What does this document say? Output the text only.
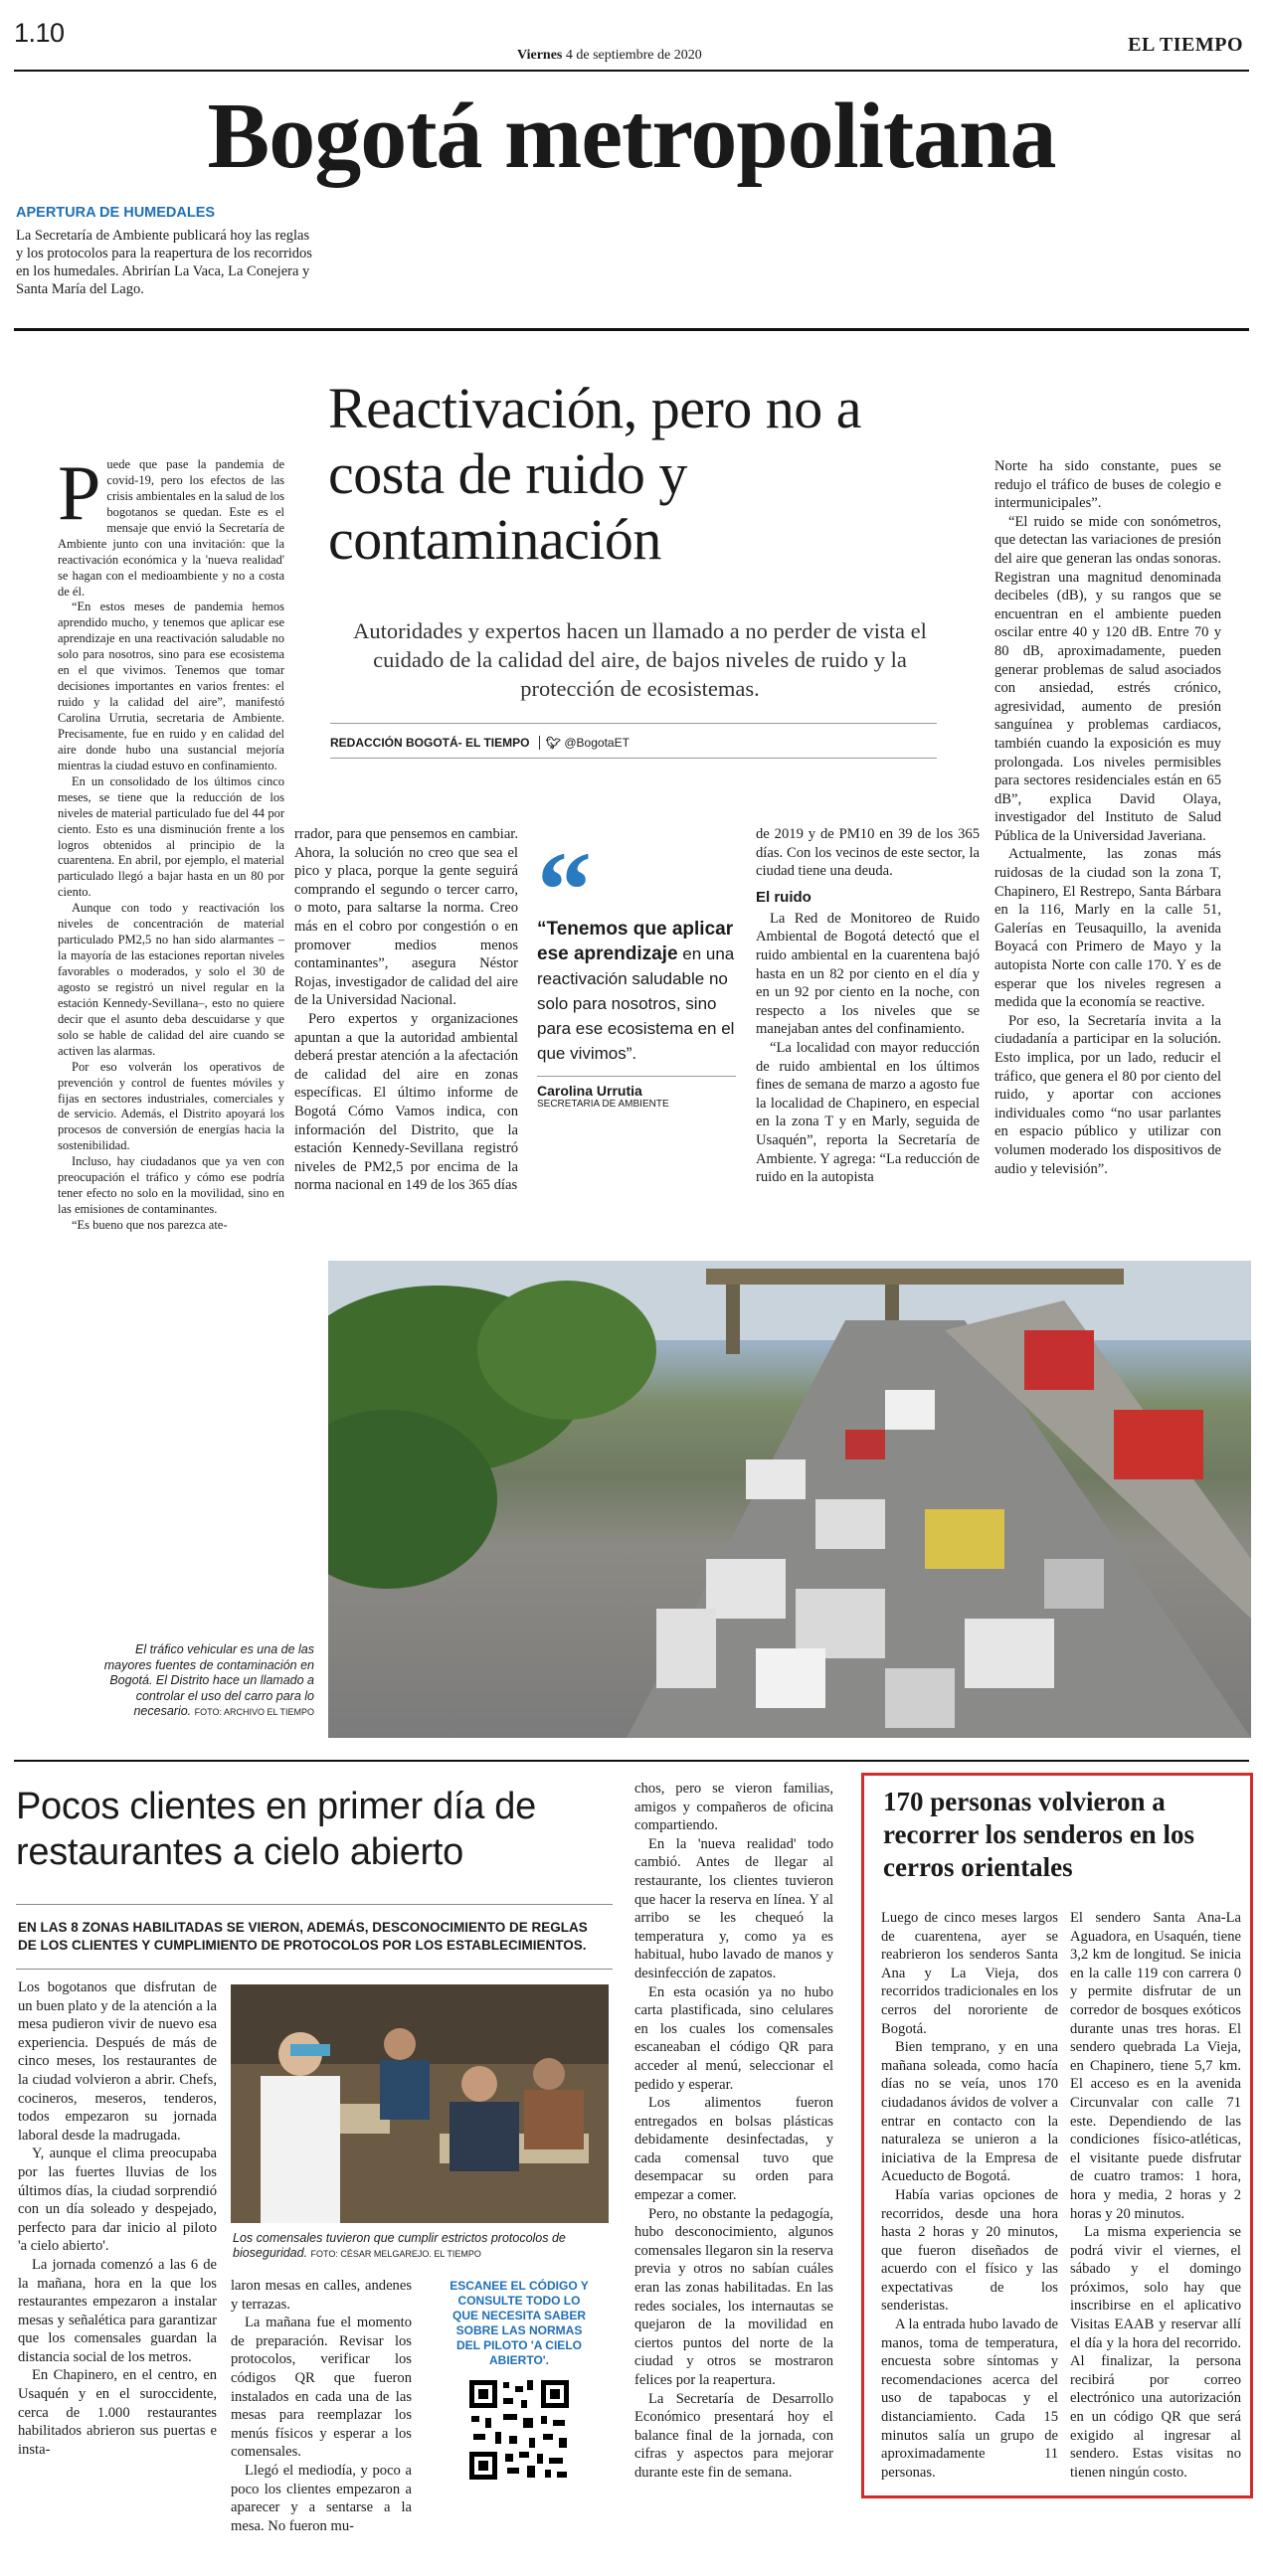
1.10
Viernes 4 de septiembre de 2020	EL TIEMPO
Bogotá metropolitana
APERTURA DE HUMEDALES
La Secretaría de Ambiente publicará hoy las reglas y los protocolos para la reapertura de los recorridos en los humedales. Abrirían La Vaca, La Conejera y Santa María del Lago.
Reactivación, pero no a costa de ruido y contaminación
Autoridades y expertos hacen un llamado a no perder de vista el cuidado de la calidad del aire, de bajos niveles de ruido y la protección de ecosistemas.
REDACCIÓN BOGOTÁ- EL TIEMPO 🐦︎ @BogotaET

Puede que pase la pandemia de covid-19, pero los efectos de las crisis ambientales en la salud de los bogotanos se quedan. Este es el mensaje que envió la Secretaría de Ambiente junto con una invitación: que la reactivación económica y la 'nueva realidad' se hagan con el medioambiente y no a costa de él.

“En estos meses de pandemia hemos aprendido mucho, y tenemos que aplicar ese aprendizaje en una reactivación saludable no solo para nosotros, sino para ese ecosistema en el que vivimos. Tenemos que tomar decisiones importantes en varios frentes: el ruido y la calidad del aire”, manifestó Carolina Urrutia, secretaria de Ambiente. Precisamente, fue en ruido y en calidad del aire donde hubo una sustancial mejoría mientras la ciudad estuvo en confinamiento.

En un consolidado de los últimos cinco meses, se tiene que la reducción de los niveles de material particulado fue del 44 por ciento. Esto es una disminución frente a los logros obtenidos al principio de la cuarentena. En abril, por ejemplo, el material particulado llegó a bajar hasta en un 80 por ciento.

Aunque con todo y reactivación los niveles de concentración de material particulado PM2,5 no han sido alarmantes –la mayoría de las estaciones reportan niveles favorables o moderados, y solo el 30 de agosto se registró un nivel regular en la estación Kennedy-Sevillana–, esto no quiere decir que el asunto deba descuidarse y que solo se hable de calidad del aire cuando se activen las alarmas.

Por eso volverán los operativos de prevención y control de fuentes móviles y fijas en sectores industriales, comerciales y de servicio. Además, el Distrito apoyará los procesos de conversión de energías hacia la sostenibilidad.

Incluso, hay ciudadanos que ya ven con preocupación el tráfico y cómo ese podría tener efecto no solo en la movilidad, sino en las emisiones de contaminantes.

“Es bueno que nos parezca ate-

rrador, para que pensemos en cambiar. Ahora, la solución no creo que sea el pico y placa, porque la gente seguirá comprando el segundo o tercer carro, o moto, para saltarse la norma. Creo más en el cobro por congestión o en promover medios menos contaminantes”, asegura Néstor Rojas, investigador de calidad del aire de la Universidad Nacional.

Pero expertos y organizaciones apuntan a que la autoridad ambiental deberá prestar atención a la afectación de calidad del aire en zonas específicas. El último informe de Bogotá Cómo Vamos indica, con información del Distrito, que la estación Kennedy-Sevillana registró niveles de PM2,5 por encima de la norma nacional en 149 de los 365 días

“
“Tenemos que aplicar ese aprendizaje en una reactivación saludable no solo para nosotros, sino para ese ecosistema en el que vivimos”.
Carolina Urrutia
SECRETARIA DE AMBIENTE

de 2019 y de PM10 en 39 de los 365 días. Con los vecinos de este sector, la ciudad tiene una deuda.

El ruido

La Red de Monitoreo de Ruido Ambiental de Bogotá detectó que el ruido ambiental en la cuarentena bajó hasta en un 82 por ciento en el día y en un 92 por ciento en la noche, con respecto a los niveles que se manejaban antes del confinamiento.

“La localidad con mayor reducción de ruido ambiental en los últimos fines de semana de marzo a agosto fue la localidad de Chapinero, en especial en la zona T y en Marly, seguida de Usaquén”, reporta la Secretaría de Ambiente. Y agrega: “La reducción de ruido en la autopista

Norte ha sido constante, pues se redujo el tráfico de buses de colegio e intermunicipales”.

“El ruido se mide con sonómetros, que detectan las variaciones de presión del aire que generan las ondas sonoras. Registran una magnitud denominada decibeles (dB), y su rangos que se encuentran en el ambiente pueden oscilar entre 40 y 120 dB. Entre 70 y 80 dB, aproximadamente, pueden generar problemas de salud asociados con ansiedad, estrés crónico, agresividad, aumento de presión sanguínea y problemas cardiacos, también cuando la exposición es muy prolongada. Los niveles permisibles para sectores residenciales están en 65 dB”, explica David Olaya, investigador del Instituto de Salud Pública de la Universidad Javeriana.

Actualmente, las zonas más ruidosas de la ciudad son la zona T, Chapinero, El Restrepo, Santa Bárbara en la 116, Marly en la calle 51, Galerías en Teusaquillo, la avenida Boyacá con Primero de Mayo y la autopista Norte con calle 170. Y es de esperar que los niveles regresen a medida que la economía se reactive.

Por eso, la Secretaría invita a la ciudadanía a participar en la solución. Esto implica, por un lado, reducir el tráfico, que genera el 80 por ciento del ruido, y aportar con acciones individuales como “no usar parlantes en espacio público y utilizar con volumen moderado los dispositivos de audio y televisión”.

El tráfico vehicular es una de las mayores fuentes de contaminación en Bogotá. El Distrito hace un llamado a controlar el uso del carro para lo necesario. FOTO: ARCHIVO EL TIEMPO
Pocos clientes en primer día de restaurantes a cielo abierto
EN LAS 8 ZONAS HABILITADAS SE VIERON, ADEMÁS, DESCONOCIMIENTO DE REGLAS DE LOS CLIENTES Y CUMPLIMIENTO DE PROTOCOLOS POR LOS ESTABLECIMIENTOS.

Los bogotanos que disfrutan de un buen plato y de la atención a la mesa pudieron vivir de nuevo esa experiencia. Después de más de cinco meses, los restaurantes de la ciudad volvieron a abrir. Chefs, cocineros, meseros, tenderos, todos empezaron su jornada laboral desde la madrugada.

Y, aunque el clima preocupaba por las fuertes lluvias de los últimos días, la ciudad sorprendió con un día soleado y despejado, perfecto para dar inicio al piloto 'a cielo abierto'.

La jornada comenzó a las 6 de la mañana, hora en la que los restaurantes empezaron a instalar mesas y señalética para garantizar que los comensales guardan la distancia social de los metros.

En Chapinero, en el centro, en Usaquén y en el suroccidente, cerca de 1.000 restaurantes habilitados abrieron sus puertas e insta-

Los comensales tuvieron que cumplir estrictos protocolos de bioseguridad. FOTO: CÉSAR MELGAREJO. EL TIEMPO

laron mesas en calles, andenes y terrazas.

La mañana fue el momento de preparación. Revisar los protocolos, verificar los códigos QR que fueron instalados en cada una de las mesas para reemplazar los menús físicos y esperar a los comensales.

Llegó el mediodía, y poco a poco los clientes empezaron a aparecer y a sentarse a la mesa. No fueron mu-

ESCANEE EL CÓDIGO Y CONSULTE TODO LO QUE NECESITA SABER SOBRE LAS NORMAS DEL PILOTO 'A CIELO ABIERTO'.

chos, pero se vieron familias, amigos y compañeros de oficina compartiendo.

En la 'nueva realidad' todo cambió. Antes de llegar al restaurante, los clientes tuvieron que hacer la reserva en línea. Y al arribo se les chequeó la temperatura y, como ya es habitual, hubo lavado de manos y desinfección de zapatos.

En esta ocasión ya no hubo carta plastificada, sino celulares en los cuales los comensales escaneaban el código QR para acceder al menú, seleccionar el pedido y esperar.

Los alimentos fueron entregados en bolsas plásticas debidamente desinfectadas, y cada comensal tuvo que desempacar su orden para empezar a comer.

Pero, no obstante la pedagogía, hubo desconocimiento, algunos comensales llegaron sin la reserva previa y otros no sabían cuáles eran las zonas habilitadas. En las redes sociales, los internautas se quejaron de la movilidad en ciertos puntos del norte de la ciudad y otros se mostraron felices por la reapertura.

La Secretaría de Desarrollo Económico presentará hoy el balance final de la jornada, con cifras y aspectos para mejorar durante este fin de semana.

170 personas volvieron a recorrer los senderos en los cerros orientales

Luego de cinco meses largos de cuarentena, ayer se reabrieron los senderos Santa Ana y La Vieja, dos recorridos tradicionales en los cerros del nororiente de Bogotá.

Bien temprano, y en una mañana soleada, como hacía días no se veía, unos 170 ciudadanos ávidos de volver a entrar en contacto con la naturaleza se unieron a la iniciativa de la Empresa de Acueducto de Bogotá.

Había varias opciones de recorridos, desde una hora hasta 2 horas y 20 minutos, que fueron diseñados de acuerdo con el físico y las expectativas de los senderistas.

A la entrada hubo lavado de manos, toma de temperatura, encuesta sobre síntomas y recomendaciones acerca del uso de tapabocas y el distanciamiento. Cada 15 minutos salía un grupo de aproximadamente 11 personas.

El sendero Santa Ana-La Aguadora, en Usaquén, tiene 3,2 km de longitud. Se inicia en la calle 119 con carrera 0 y permite disfrutar de un corredor de bosques exóticos durante unas tres horas. El sendero quebrada La Vieja, en Chapinero, tiene 5,7 km. El acceso es en la avenida Circunvalar con calle 71 este. Dependiendo de las condiciones físico-atléticas, el visitante puede disfrutar de cuatro tramos: 1 hora, hora y media, 2 horas y 2 horas y 20 minutos.

La misma experiencia se podrá vivir el viernes, el sábado y el domingo próximos, solo hay que inscribirse en el aplicativo Visitas EAAB y reservar allí el día y la hora del recorrido. Al finalizar, la persona recibirá por correo electrónico una autorización en un código QR que será exigido al ingresar al sendero. Estas visitas no tienen ningún costo.
